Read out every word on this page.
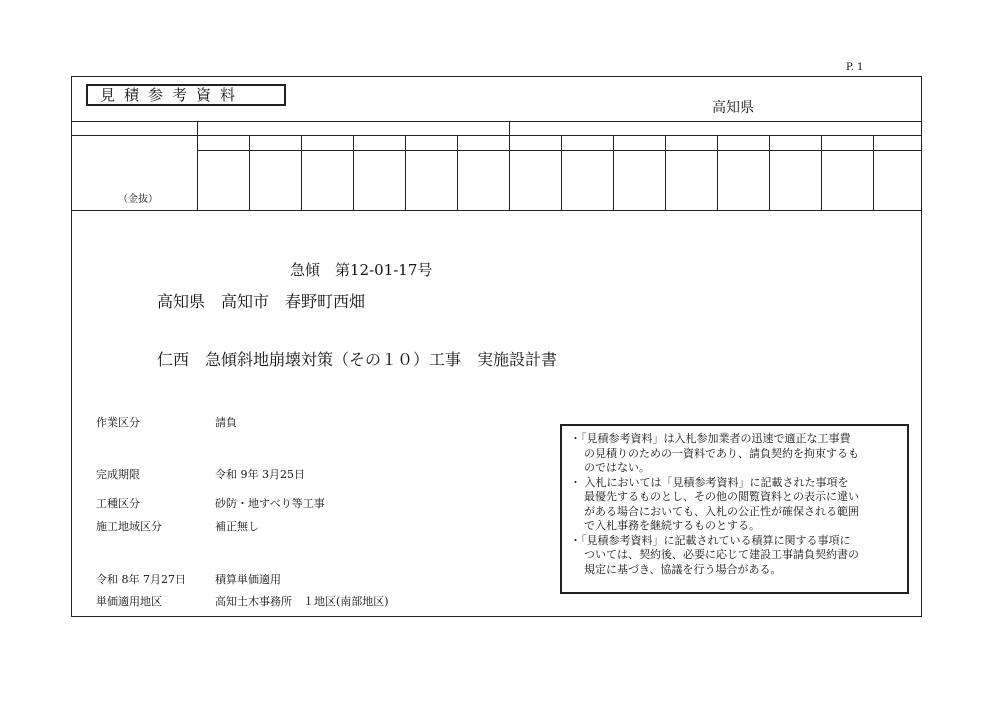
P. 1
見積参考資料
高知県
（金抜）
急傾　第12-01-17号
高知県　高知市　春野町西畑
仁西　急傾斜地崩壊対策（その１０）工事　実施設計書
作業区分	請負
完成期限	令和 9年 3月25日
工種区分	砂防・地すべり等工事
施工地域区分	補正無し
令和 8年 7月27日	積算単価適用
単価適用地区	高知土木事務所　１地区(南部地区)

・「見積参考資料」は入札参加業者の迅速で適正な工事費

の見積りのための一資料であり、請負契約を拘束するも

のではない。

・ 入札においては「見積参考資料」に記載された事項を

最優先するものとし、その他の閲覧資料との表示に違い

がある場合においても、入札の公正性が確保される範囲

で入札事務を継続するものとする。

・「見積参考資料」に記載されている積算に関する事項に

ついては、契約後、必要に応じて建設工事請負契約書の

規定に基づき、協議を行う場合がある。
